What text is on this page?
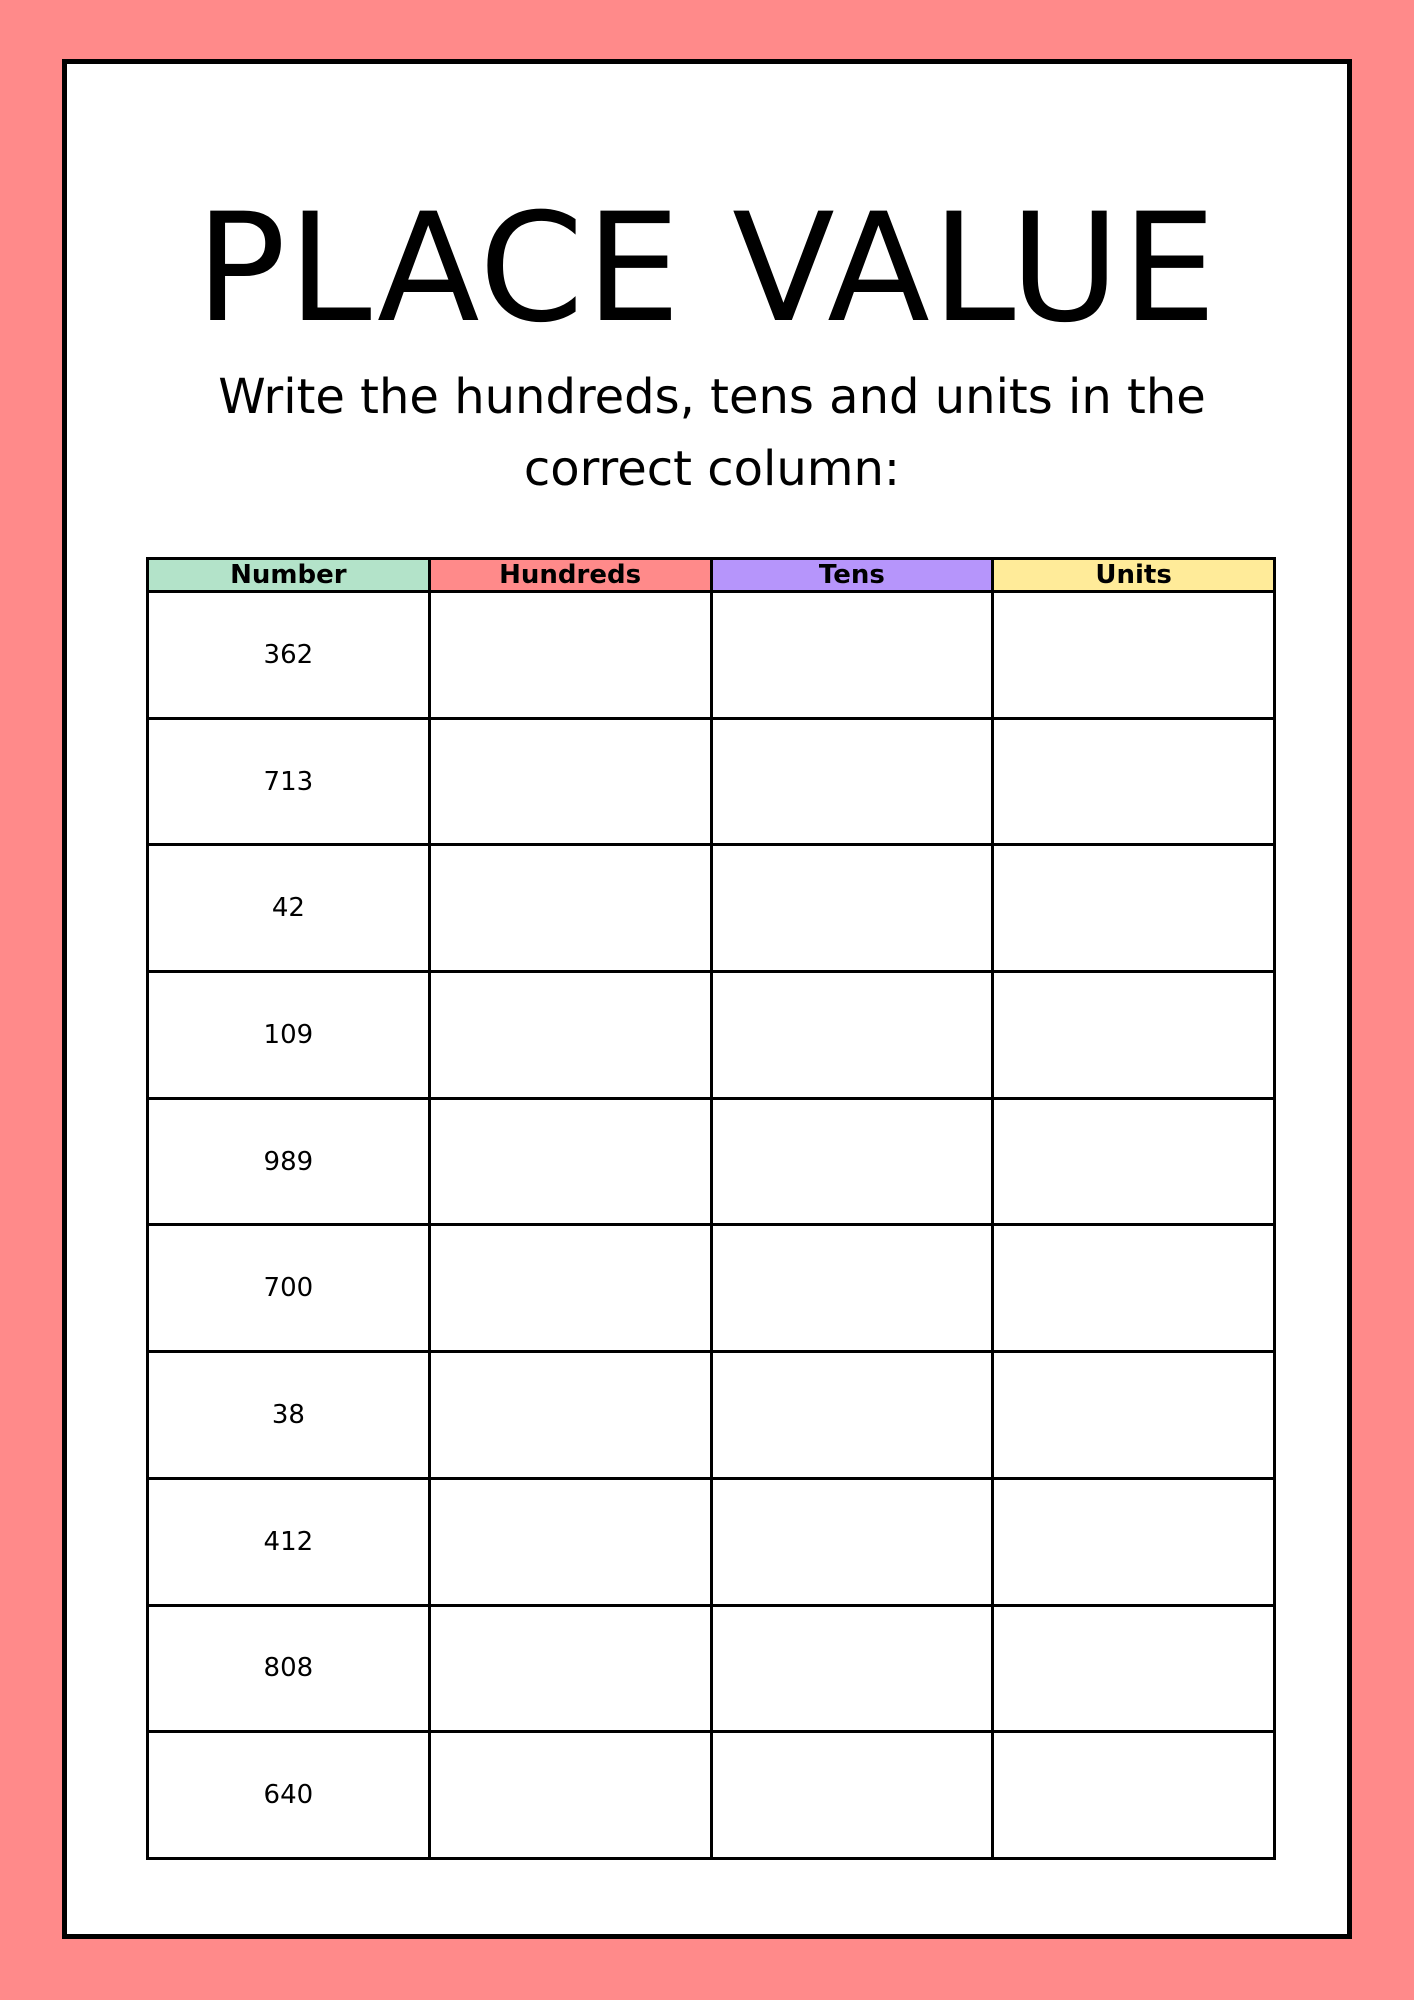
PLACE VALUE

Write the hundreds, tens and units in the correct column:

Number	Hundreds	Tens	Units
362			
713			
42			
109			
989			
700			
38			
412			
808			
640			
